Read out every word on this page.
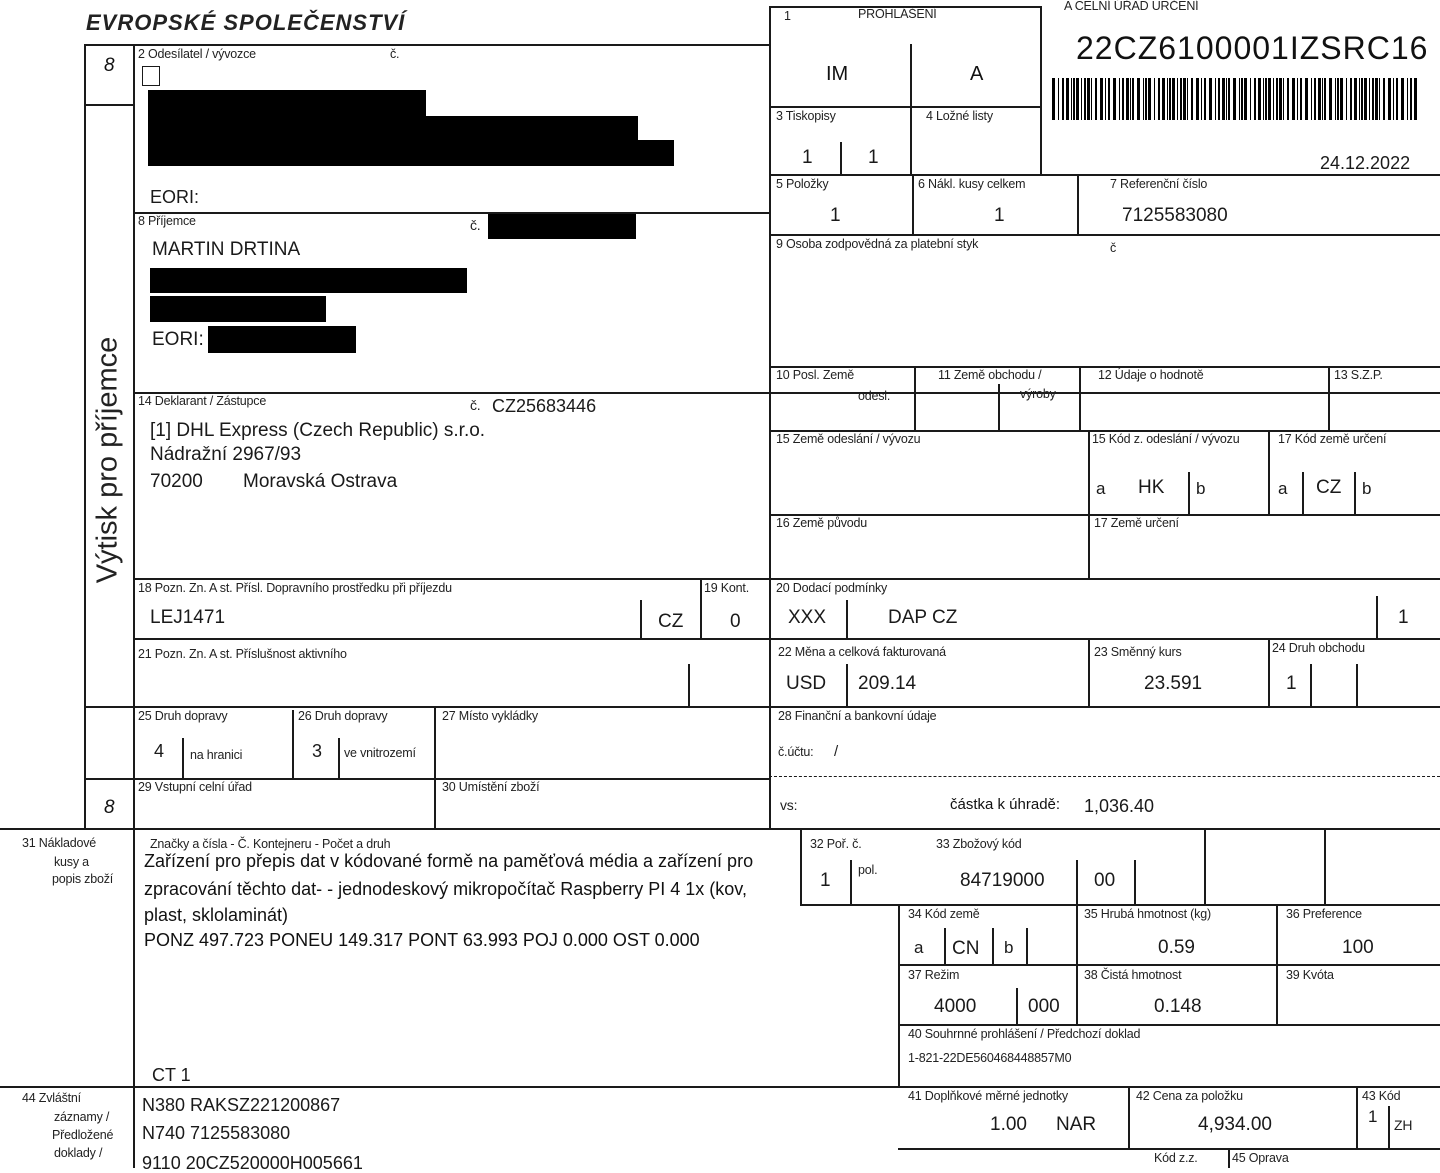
EVROPSKÉ SPOLEČENSTVÍ
8
8
Výtisk pro příjemce
A CELNÍ ÚŘAD URČENÍ
22CZ6100001IZSRC16
24.12.2022
1	PROHLÁŠENÍ
IM	A
2 Odesílatel / vývozce	č.
EORI:
3 Tiskopisy
1	1
4 Ložné listy
5 Položky
1
6 Nákl. kusy celkem
1
7 Referenční číslo
7125583080
8 Příjemce	č.
MARTIN DRTINA
EORI:
9 Osoba zodpovědná za platební styk	č
10 Posl. Země
odesl.
11 Země obchodu /
výroby
12 Údaje o hodnotě	13 S.Z.P.
14 Deklarant / Zástupce	č. CZ25683446
[1] DHL Express (Czech Republic) s.r.o.
Nádražní 2967/93
70200 Moravská Ostrava
15 Země odeslání / vývozu	15 Kód z. odeslání / vývozu
a HK b
17 Kód země určení
a CZ b
16 Země původu	17 Země určení
18 Pozn. Zn. A st. Přísl. Dopravního prostředku při příjezdu
LEJ1471	CZ
19 Kont.
0
20 Dodací podmínky
XXX	DAP CZ	1
21 Pozn. Zn. A st. Příslušnost aktivního	22 Měna a celková fakturovaná
USD 209.14
23 Směnný kurs
23.591
24 Druh obchodu
1
25 Druh dopravy
4 na hranici
26 Druh dopravy
3 ve vnitrozemí
27 Místo vykládky	28 Finanční a bankovní údaje
č.účtu: /
vs:	částka k úhradě: 1,036.40
29 Vstupní celní úřad	30 Umístění zboží
31 Nákladové
kusy a
popis zboží
Značky a čísla - Č. Kontejneru - Počet a druh
Zařízení pro přepis dat v kódované formě na paměťová média a zařízení pro
zpracování těchto dat- - jednodeskový mikropočítač Raspberry PI 4 1x (kov,
plast, sklolaminát)
PONZ 497.723 PONEU 149.317 PONT 63.993 POJ 0.000 OST 0.000
CT 1
32 Poř. č.
1 pol.
33 Zbožový kód
84719000	00
34 Kód země
a CN b
35 Hrubá hmotnost (kg)
0.59
36 Preference
100
37 Režim
4000	000
38 Čistá hmotnost
0.148
39 Kvóta
40 Souhrnné prohlášení / Předchozí doklad
1-821-22DE560468448857M0
44 Zvláštní
záznamy /
Předložené
doklady /
N380 RAKSZ221200867
N740 7125583080
9110 20CZ520000H005661
41 Doplňkové měrné jednotky
1.00 NAR
42 Cena za položku
4,934.00
43 Kód
1 ZH
Kód z.z.	45 Oprava
